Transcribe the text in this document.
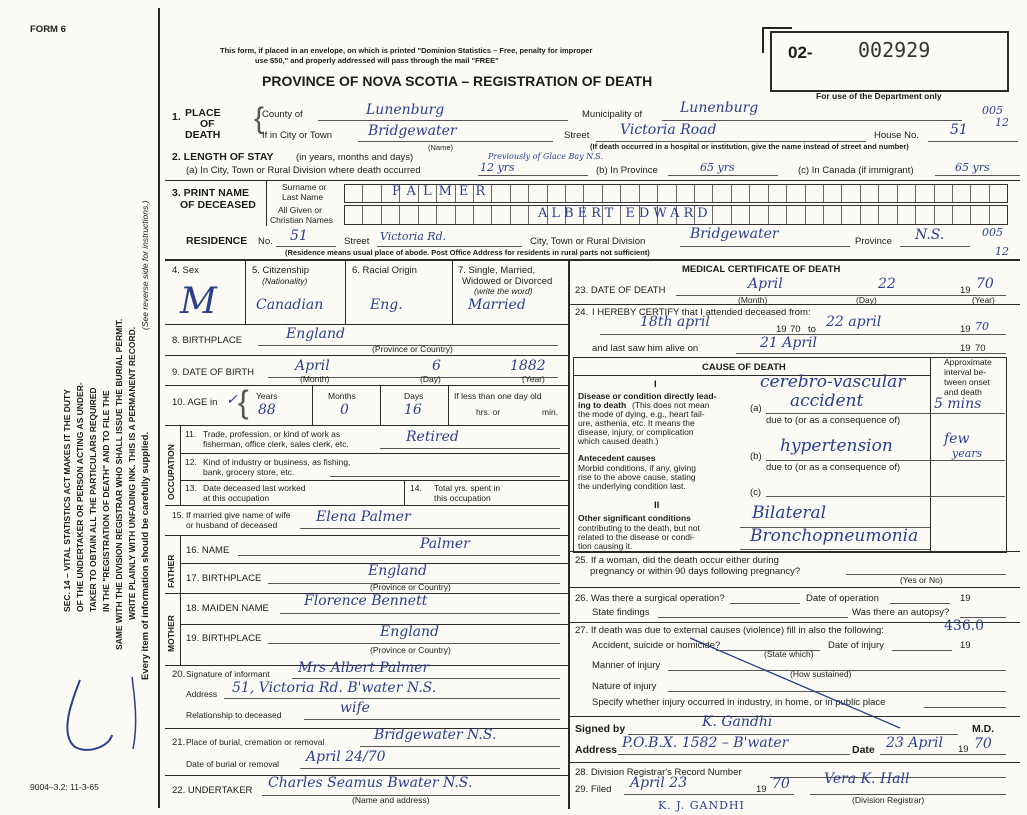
FORM 6
This form, if placed in an envelope, on which is printed "Dominion Statistics – Free, penalty for improper
use $50," and properly addressed will pass through the mail "FREE"
PROVINCE OF NOVA SCOTIA – REGISTRATION OF DEATH
02- 002929
For use of the Department only
005
12
SEC. 14 – VITAL STATISTICS ACT MAKES IT THE DUTY OF THE UNDERTAKER OR PERSON ACTING AS UNDER- TAKER TO OBTAIN ALL THE PARTICULARS REQUIRED IN THE "REGISTRATION OF DEATH" AND TO FILE THE SAME WITH THE DIVISION REGISTRAR WHO SHALL ISSUE THE BURIAL PERMIT. WRITE PLAINLY WITH UNFADING INK. THIS IS A PERMANENT RECORD.
(See reverse side for instructions.)
Every item of information should be carefully supplied.
9004–3.2: 11-3-65
1. PLACE
OF
DEATH {
County of	Lunenburg	Municipality of	Lunenburg
If in City or Town	Bridgewater
(Name)
Street Victoria Road	House No. 51
(If death occurred in a hospital or institution, give the name instead of street and number)
2. LENGTH OF STAY (in years, months and days)
(a) In City, Town or Rural Division where death occurred	12 yrs
Previously of Glace Bay N.S.
(b) In Province	65 yrs	(c) In Canada (if immigrant)	65 yrs
3. PRINT NAME
OF DECEASED
Surname or
Last Name	PALMER
All Given or
Christian Names	ALBERT EDWARD
RESIDENCE No. 51	Street Victoria Rd.	City, Town or Rural Division	Bridgewater	Province N.S.	005
12
(Residence means usual place of abode. Post Office Address for residents in rural parts not sufficient)
4. Sex
M
5. Citizenship
(Nationality)
Canadian
6. Racial Origin
Eng.
7. Single, Married,
Widowed or Divorced
(write the word)
Married
8. BIRTHPLACE	England
(Province or Country)
9. DATE OF BIRTH	April	6	1882
(Month)	(Day)	(Year)
10. AGE in {
✓ Years
88
Months
0
Days
16
If less than one day old
hrs. or	min.
OCCUPATION
11. Trade, profession, or kind of work as
fisherman, office clerk, sales clerk, etc.	Retired
12. Kind of industry or business, as fishing,
bank, grocery store, etc.
13. Date deceased last worked
at this occupation
14. Total yrs. spent in
this occupation
15. If married give name of wife
or husband of deceased	Elena Palmer
FATHER
16. NAME	Palmer
17. BIRTHPLACE	England
(Province or Country)
MOTHER
18. MAIDEN NAME	Florence Bennett
19. BIRTHPLACE	England
(Province or Country)
20. Signature of informant Mrs Albert Palmer
Address 51, Victoria Rd. B'water N.S.
Relationship to deceased	wife
21. Place of burial, cremation or removal	Bridgewater N.S.
Date of burial or removal April 24/70
22. UNDERTAKER Charles Seamus Bwater N.S.
(Name and address)
MEDICAL CERTIFICATE OF DEATH
23. DATE OF DEATH	April	22	19 70
(Month)	(Day)	(Year)
24. I HEREBY CERTIFY that I attended deceased from:
18th april	19 70 to 22 april	19 70
and last saw him alive on	21 April	19 70
CAUSE OF DEATH	Approximate
interval be-
tween onset
and death
I
Disease or condition directly lead-
ing to death (This does not mean
the mode of dying, e.g., heart fail-
ure, asthenia, etc. It means the
disease, injury, or complication
which caused death.)
cerebro-vascular
(a) accident	5 mins
due to (or as a consequence of)
Antecedent causes
Morbid conditions, if any, giving
rise to the above cause, stating
the underlying condition last.
(b)
hypertension	few
years
due to (or as a consequence of)
(c)
II
Other significant conditions
contributing to the death, but not
related to the disease or condi-
tion causing it.
Bilateral
Bronchopneumonia
25. If a woman, did the death occur either during
pregnancy or within 90 days following pregnancy?
(Yes or No)
26. Was there a surgical operation?	Date of operation	19
State findings	Was there an autopsy?
27. If death was due to external causes (violence) fill in also the following:	436.0
Accident, suicide or homicide?	Date of injury	19
(State which)
Manner of injury
(How sustained)
Nature of injury
Specify whether injury occurred in industry, in home, or in public place
Signed by	K. Gandhi	M.D.
Address P.O.B.X. 1582 – B'water	Date 23 April 19 70
28. Division Registrar's Record Number
29. Filed April 23	19 70 Vera K. Hall
(Division Registrar)
K. J. GANDHI
